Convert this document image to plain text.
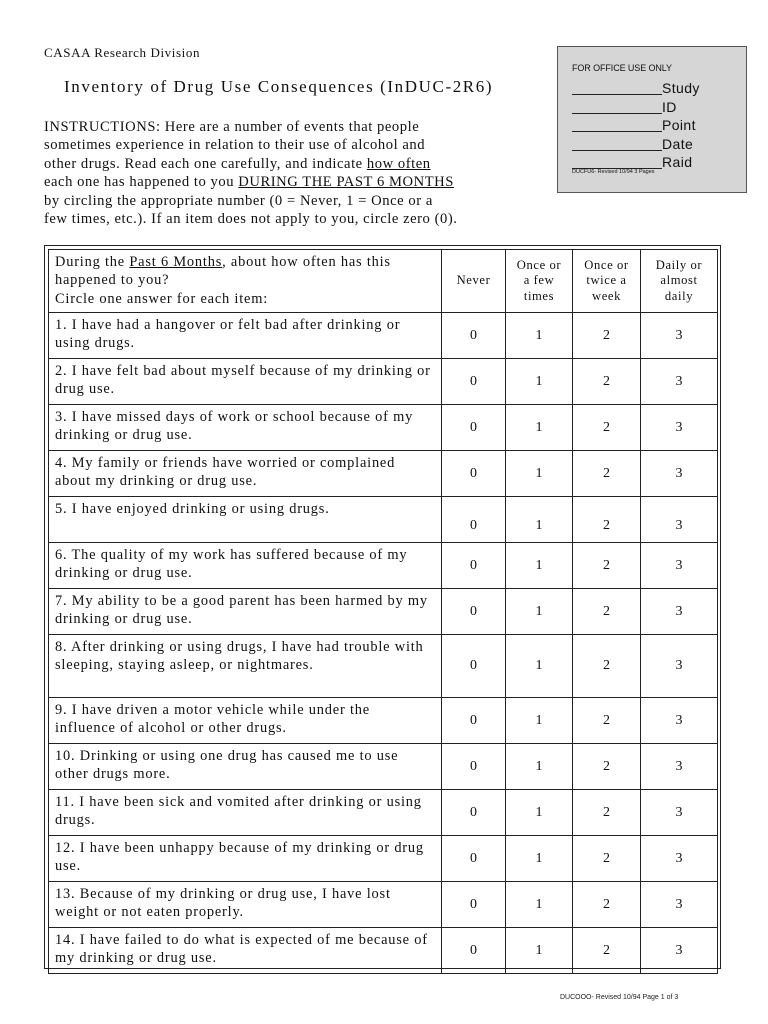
CASAA Research Division
Inventory of Drug Use Consequences (InDUC-2R6)
INSTRUCTIONS: Here are a number of events that people
sometimes experience in relation to their use of alcohol and
other drugs. Read each one carefully, and indicate how often
each one has happened to you DURING THE PAST 6 MONTHS
by circling the appropriate number (0 = Never, 1 = Once or a
few times, etc.). If an item does not apply to you, circle zero (0).
FOR OFFICE USE ONLY
Study
ID
Point
Date
Raid
DUCFU6- Revised 10/94 3 Pages
During the Past 6 Months, about how often has this happened to you?
Circle one answer for each item:	Never	Once or
a few
times	Once or
twice a
week	Daily or
almost
daily
1. I have had a hangover or felt bad after drinking or using drugs.	0	1	2	3
2. I have felt bad about myself because of my drinking or drug use.	0	1	2	3
3. I have missed days of work or school because of my drinking or drug use.	0	1	2	3
4. My family or friends have worried or complained about my drinking or drug use.	0	1	2	3
5. I have enjoyed drinking or using drugs.	0	1	2	3
6. The quality of my work has suffered because of my drinking or drug use.	0	1	2	3
7. My ability to be a good parent has been harmed by my drinking or drug use.	0	1	2	3
8. After drinking or using drugs, I have had trouble with sleeping, staying asleep, or nightmares.	0	1	2	3
9. I have driven a motor vehicle while under the influence of alcohol or other drugs.	0	1	2	3
10. Drinking or using one drug has caused me to use other drugs more.	0	1	2	3
11. I have been sick and vomited after drinking or using drugs.	0	1	2	3
12. I have been unhappy because of my drinking or drug use.	0	1	2	3
13. Because of my drinking or drug use, I have lost weight or not eaten properly.	0	1	2	3
14. I have failed to do what is expected of me because of my drinking or drug use.	0	1	2	3
DUCOOO- Revised 10/94 Page 1 of 3
